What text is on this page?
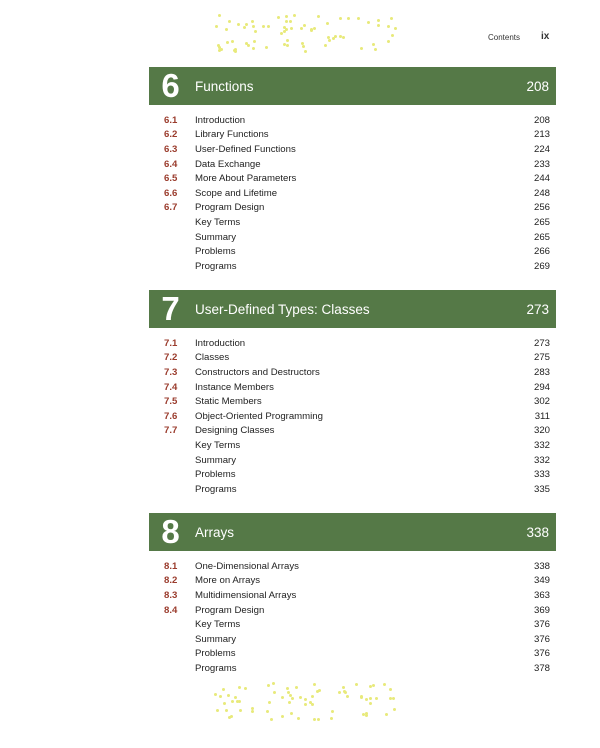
Contents ix
6	Functions	208
6.1	Introduction	208
6.2	Library Functions	213
6.3	User-Defined Functions	224
6.4	Data Exchange	233
6.5	More About Parameters	244
6.6	Scope and Lifetime	248
6.7	Program Design	256
Key Terms	265
Summary	265
Problems	266
Programs	269
7	User-Defined Types: Classes	273
7.1	Introduction	273
7.2	Classes	275
7.3	Constructors and Destructors	283
7.4	Instance Members	294
7.5	Static Members	302
7.6	Object-Oriented Programming	311
7.7	Designing Classes	320
Key Terms	332
Summary	332
Problems	333
Programs	335
8	Arrays	338
8.1	One-Dimensional Arrays	338
8.2	More on Arrays	349
8.3	Multidimensional Arrays	363
8.4	Program Design	369
Key Terms	376
Summary	376
Problems	376
Programs	378
